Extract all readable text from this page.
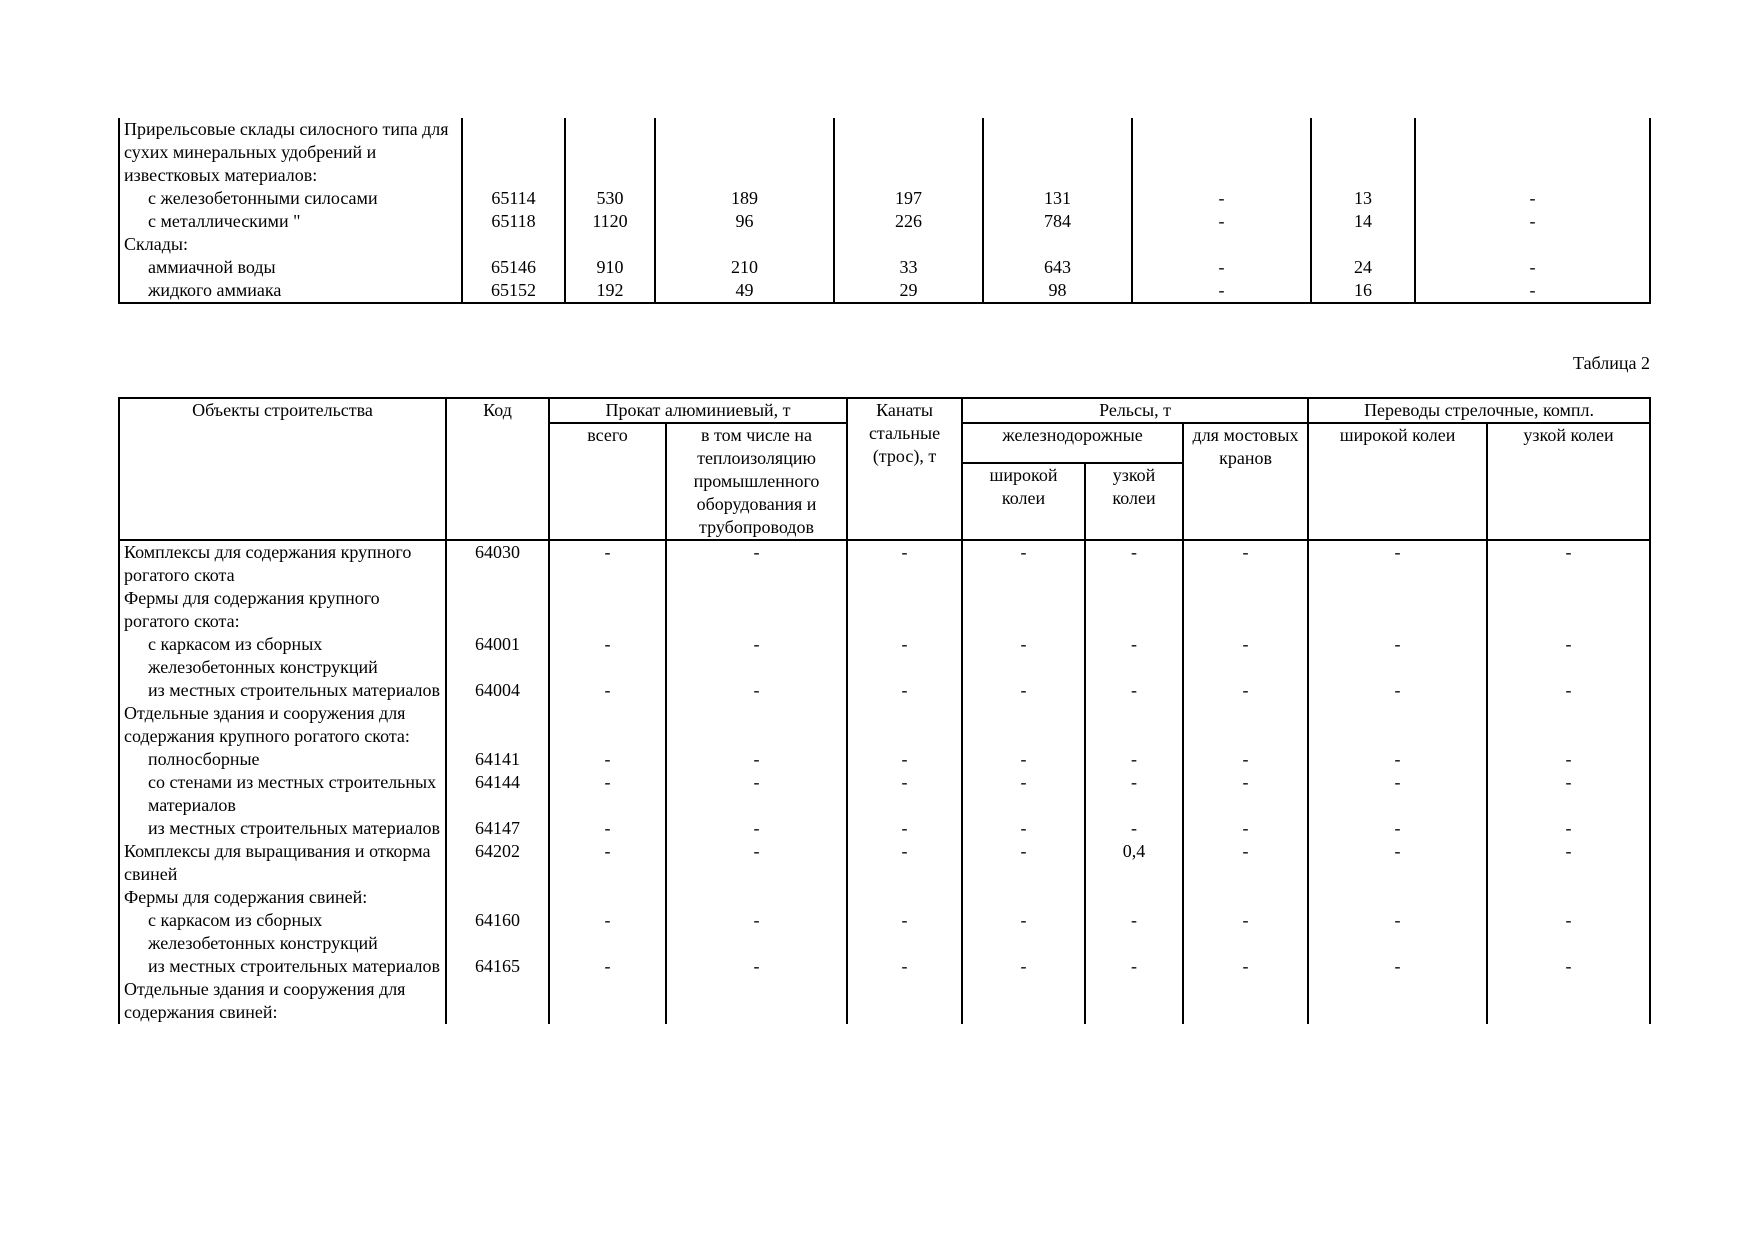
Прирельсовые склады силосного типа для сухих минеральных удобрений и известковых материалов:								
с железобетонными силосами	65114	530	189	197	131	-	13	-
с металлическими "	65118	1120	96	226	784	-	14	-
Склады:								
аммиачной воды	65146	910	210	33	643	-	24	-
жидкого аммиака	65152	192	49	29	98	-	16	-
Таблица 2
Объекты строительства	Код	Прокат алюминиевый, т		Канаты стальные (трос), т	Рельсы, т			Переводы стрелочные, компл.	
		всего	в том числе на теплоизоляцию промышленного оборудования и трубопроводов		железнодорожные		для мостовых кранов	широкой колеи	узкой колеи
					широкой колеи	узкой колеи			
Комплексы для содержания крупного рогатого скота	64030	-	-	-	-	-	-	-	-
Фермы для содержания крупного рогатого скота:									
с каркасом из сборных железобетонных конструкций	64001	-	-	-	-	-	-	-	-
из местных строительных материалов	64004	-	-	-	-	-	-	-	-
Отдельные здания и сооружения для содержания крупного рогатого скота:									
полносборные	64141	-	-	-	-	-	-	-	-
со стенами из местных строительных материалов	64144	-	-	-	-	-	-	-	-
из местных строительных материалов	64147	-	-	-	-	-	-	-	-
Комплексы для выращивания и откорма свиней	64202	-	-	-	-	0,4	-	-	-
Фермы для содержания свиней:									
с каркасом из сборных железобетонных конструкций	64160	-	-	-	-	-	-	-	-
из местных строительных материалов	64165	-	-	-	-	-	-	-	-
Отдельные здания и сооружения для содержания свиней:									
